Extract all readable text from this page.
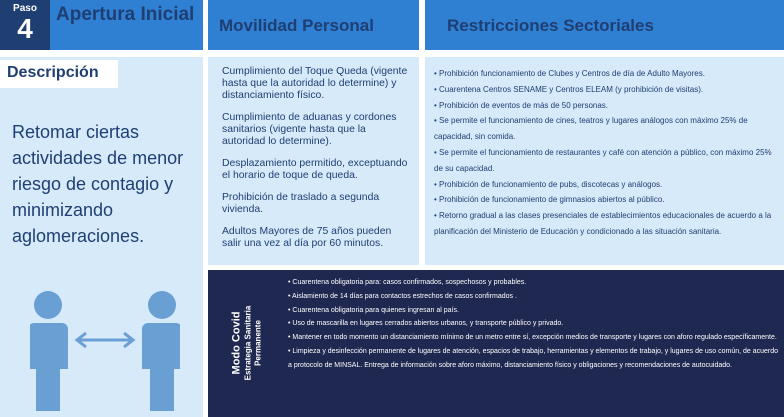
Paso
4	Apertura Inicial
Movilidad Personal	Restricciones Sectoriales
Descripción
Retomar ciertas actividades de menor riesgo de contagio y minimizando aglomeraciones.

Cumplimiento del Toque Queda (vigente hasta que la autoridad lo determine) y distanciamiento físico.

Cumplimiento de aduanas y cordones sanitarios (vigente hasta que la autoridad lo determine).

Desplazamiento permitido, exceptuando el horario de toque de queda.

Prohibición de traslado a segunda vivienda.

Adultos Mayores de 75 años pueden salir una vez al día por 60 minutos.

• Prohibición funcionamiento de Clubes y Centros de día de Adulto Mayores.
• Cuarentena Centros SENAME y Centros ELEAM (y prohibición de visitas).
• Prohibición de eventos de más de 50 personas.
• Se permite el funcionamiento de cines, teatros y lugares análogos con máximo 25% de capacidad, sin comida.
• Se permite el funcionamiento de restaurantes y café con atención a público, con máximo 25% de su capacidad.
• Prohibición de funcionamiento de pubs, discotecas y análogos.
• Prohibición de funcionamiento de gimnasios abiertos al público.
• Retorno gradual a las clases presenciales de establecimientos educacionales de acuerdo a la planificación del Ministerio de Educación y condicionado a las situación sanitaria.
Modo Covid Estrategia Sanitaria Permanente
• Cuarentena obligatoria para: casos confirmados, sospechosos y probables.
• Aislamiento de 14 días para contactos estrechos de casos confirmados .
• Cuarentena obligatoria para quienes ingresan al país.
• Uso de mascarilla en lugares cerrados abiertos urbanos, y transporte público y privado.
• Mantener en todo momento un distanciamiento mínimo de un metro entre sí, excepción medios de transporte y lugares con aforo regulado específicamente.
• Limpieza y desinfección permanente de lugares de atención, espacios de trabajo, herramientas y elementos de trabajo, y lugares de uso común, de acuerdo a protocolo de MINSAL. Entrega de información sobre aforo máximo, distanciamiento físico y obligaciones y recomendaciones de autocuidado.
